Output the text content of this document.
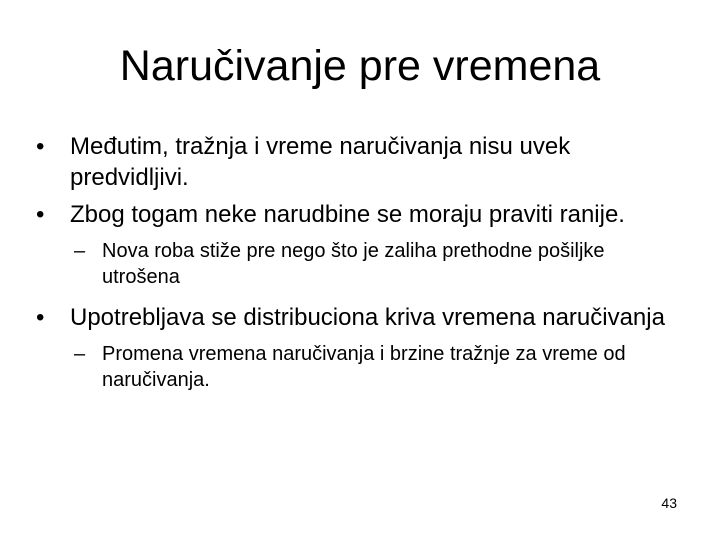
Naručivanje pre vremena
•	Međutim, tražnja i vreme naručivanja nisu uvek predvidljivi.
•	Zbog togam neke narudbine se moraju praviti ranije.
– Nova roba stiže pre nego što je zaliha prethodne pošiljke utrošena
•	Upotrebljava se distribuciona kriva vremena naručivanja
– Promena vremena naručivanja i brzine tražnje za vreme od naručivanja.
43
